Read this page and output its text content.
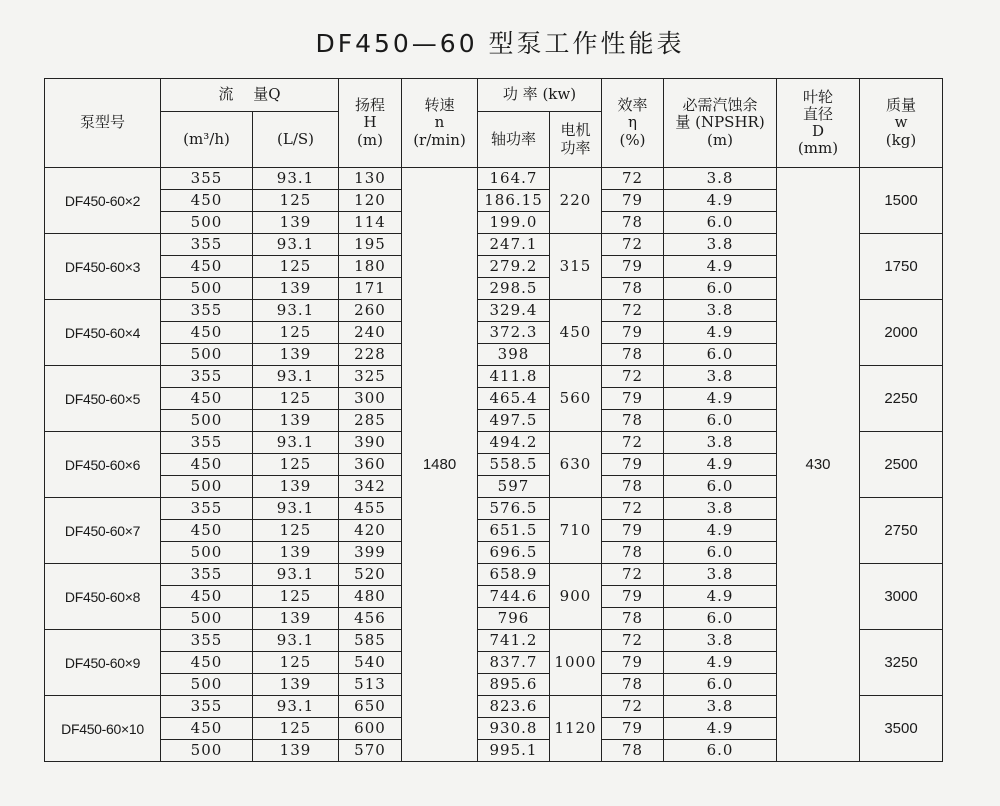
DF450—60 型泵工作性能表
泵型号	流　 量Q		扬程
H
(m)	转速
n
(r/min)	功 率 (kw)		效率
η
(%)	必需汽蚀余
量 (NPSHR)
(m)	叶轮
直径
D
(mm)	质量
w
(kg)
	(m³/h)	(L/S)			轴功率	电机
功率				
DF450-60×2	355	93.1	130	1480	164.7	220	72	3.8	430	1500
	450	125	120		186.15		79	4.9		
	500	139	114		199.0		78	6.0		
DF450-60×3	355	93.1	195		247.1	315	72	3.8		1750
	450	125	180		279.2		79	4.9		
	500	139	171		298.5		78	6.0		
DF450-60×4	355	93.1	260		329.4	450	72	3.8		2000
	450	125	240		372.3		79	4.9		
	500	139	228		398		78	6.0		
DF450-60×5	355	93.1	325		411.8	560	72	3.8		2250
	450	125	300		465.4		79	4.9		
	500	139	285		497.5		78	6.0		
DF450-60×6	355	93.1	390		494.2	630	72	3.8		2500
	450	125	360		558.5		79	4.9		
	500	139	342		597		78	6.0		
DF450-60×7	355	93.1	455		576.5	710	72	3.8		2750
	450	125	420		651.5		79	4.9		
	500	139	399		696.5		78	6.0		
DF450-60×8	355	93.1	520		658.9	900	72	3.8		3000
	450	125	480		744.6		79	4.9		
	500	139	456		796		78	6.0		
DF450-60×9	355	93.1	585		741.2	1000	72	3.8		3250
	450	125	540		837.7		79	4.9		
	500	139	513		895.6		78	6.0		
DF450-60×10	355	93.1	650		823.6	1120	72	3.8		3500
	450	125	600		930.8		79	4.9		
	500	139	570		995.1		78	6.0		
